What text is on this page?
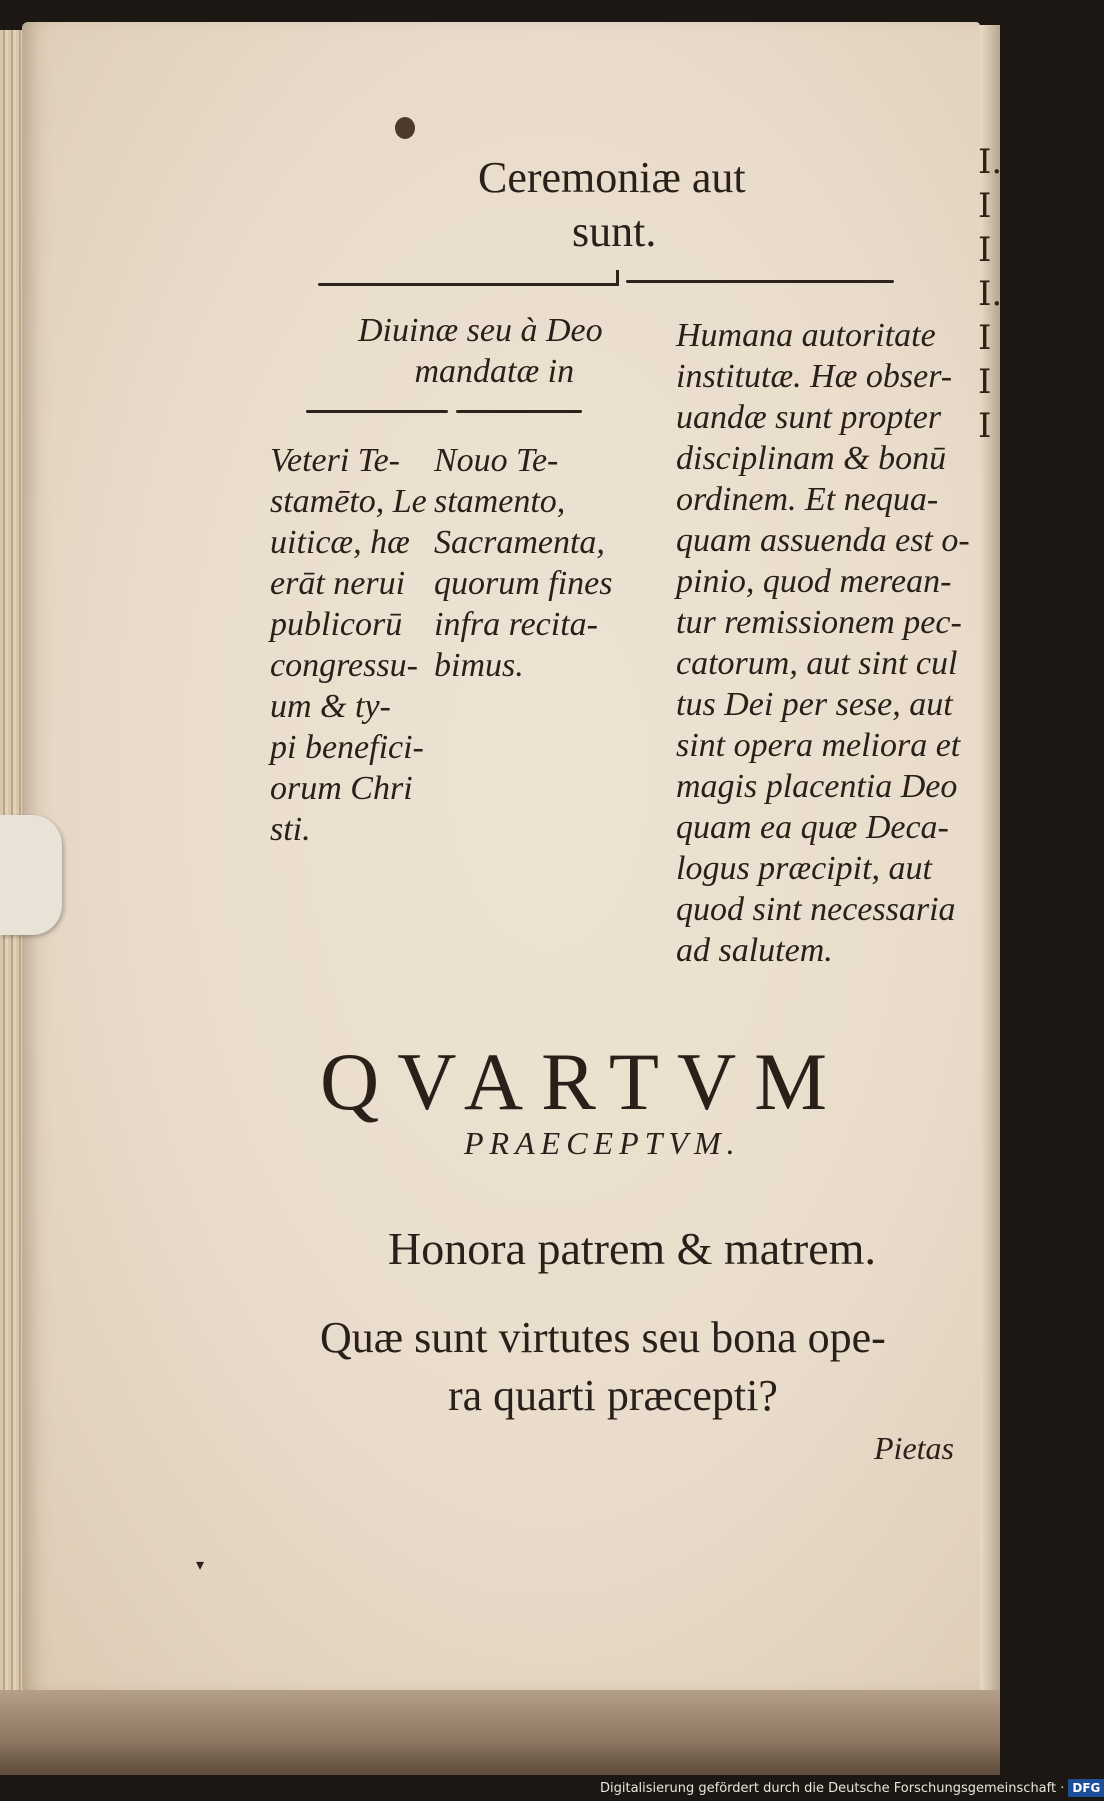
I.
I
I
I.
I
I
I
Ceremoniæ aut
sunt.
Diuinæ seu à Deo
mandatæ in
Veteri Te-
stamēto, Le
uiticæ, hæ
erāt nerui
publicorū
congressu-
um & ty-
pi benefici-
orum Chri
sti.
Nouo Te-
stamento,
Sacramenta,
quorum fines
infra recita-
bimus.
Humana autoritate
institutæ. Hæ obser-
uandæ sunt propter
disciplinam & bonū
ordinem. Et nequa-
quam assuenda est o-
pinio, quod merean-
tur remissionem pec-
catorum, aut sint cul
tus Dei per sese, aut
sint opera meliora et
magis placentia Deo
quam ea quæ Deca-
logus præcipit, aut
quod sint necessaria
ad salutem.
QVARTVM
PRAECEPTVM.
Honora patrem & matrem.
Quæ sunt virtutes seu bona ope-
ra quarti præcepti?
Pietas
▾
Digitalisierung gefördert durch die Deutsche Forschungsgemeinschaft · DFG
